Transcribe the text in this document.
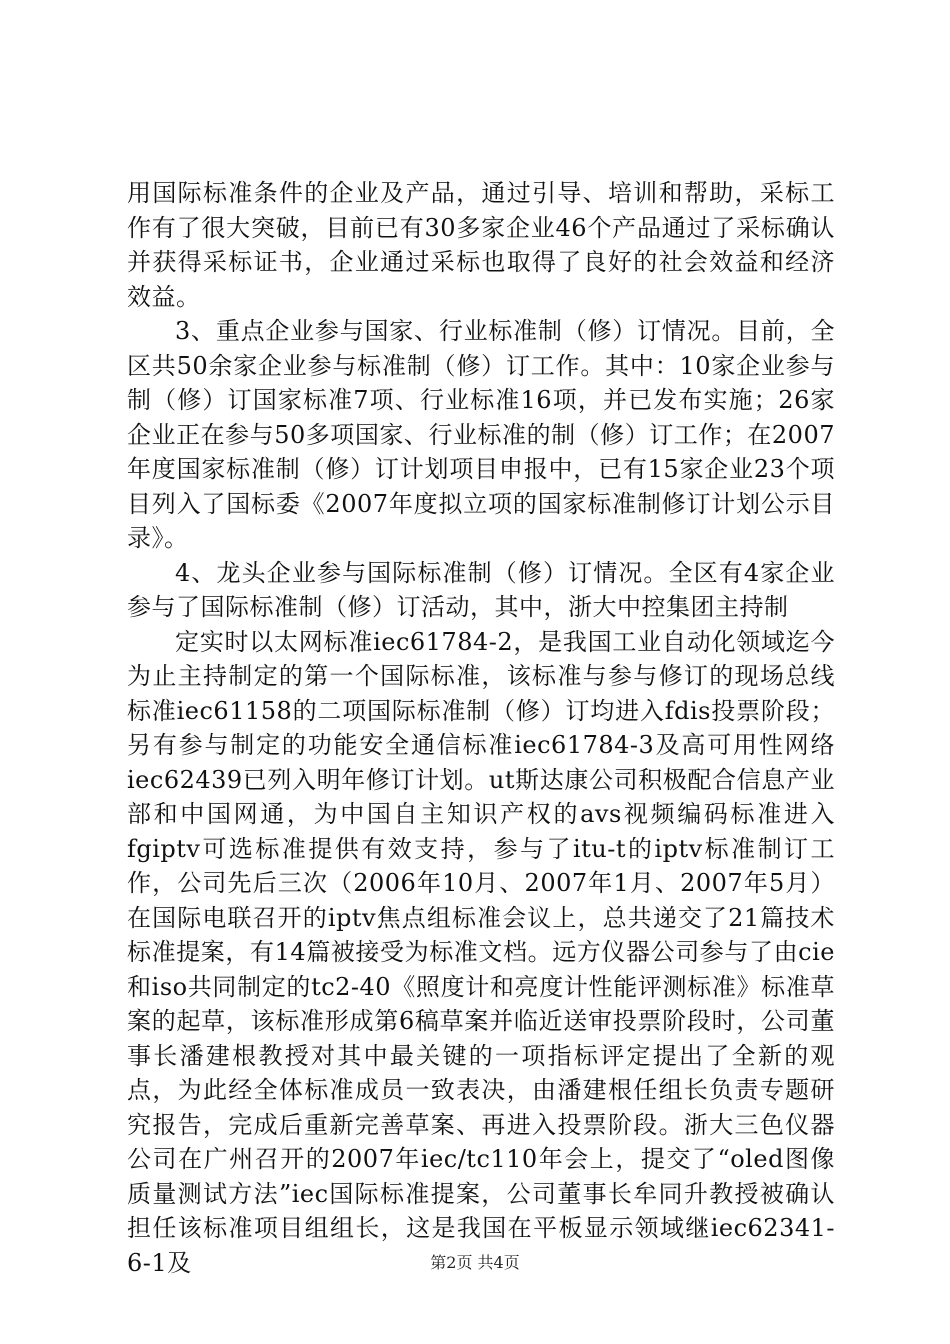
用国际标准条件的企业及产品，通过引导、培训和帮助，采标工作有了很大突破，目前已有30多家企业46个产品通过了采标确认并获得采标证书，企业通过采标也取得了良好的社会效益和经济效益。

3、重点企业参与国家、行业标准制（修）订情况。目前，全区共50余家企业参与标准制（修）订工作。其中：10家企业参与制（修）订国家标准7项、行业标准16项，并已发布实施；26家企业正在参与50多项国家、行业标准的制（修）订工作；在2007年度国家标准制（修）订计划项目申报中，已有15家企业23个项目列入了国标委《2007年度拟立项的国家标准制修订计划公示目录》。

4、龙头企业参与国际标准制（修）订情况。全区有4家企业参与了国际标准制（修）订活动，其中，浙大中控集团主持制

定实时以太网标准iec61784-2，是我国工业自动化领域迄今为止主持制定的第一个国际标准，该标准与参与修订的现场总线标准iec61158的二项国际标准制（修）订均进入fdis投票阶段；另有参与制定的功能安全通信标准iec61784-3及高可用性网络iec62439已列入明年修订计划。ut斯达康公司积极配合信息产业部和中国网通，为中国自主知识产权的avs视频编码标准进入fgiptv可选标准提供有效支持，参与了itu-t的iptv标准制订工作，公司先后三次（2006年10月、2007年1月、2007年5月）在国际电联召开的iptv焦点组标准会议上，总共递交了21篇技术标准提案，有14篇被接受为标准文档。远方仪器公司参与了由cie和iso共同制定的tc2-40《照度计和亮度计性能评测标准》标准草案的起草，该标准形成第6稿草案并临近送审投票阶段时，公司董事长潘建根教授对其中最关键的一项指标评定提出了全新的观点，为此经全体标准成员一致表决，由潘建根任组长负责专题研究报告，完成后重新完善草案、再进入投票阶段。浙大三色仪器公司在广州召开的2007年iec/tc110年会上，提交了“oled图像质量测试方法”iec国际标准提案，公司董事长牟同升教授被确认担任该标准项目组组长，这是我国在平板显示领域继iec62341-6-1及	第2页 共4页
